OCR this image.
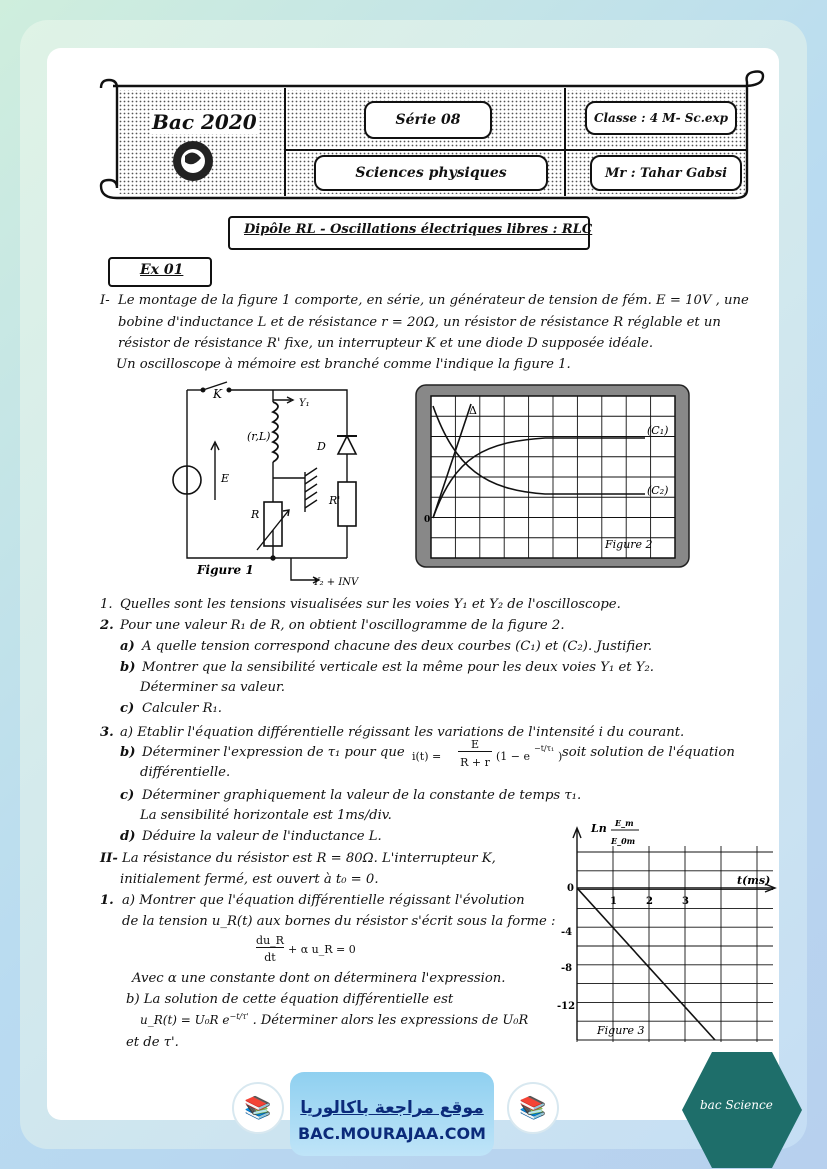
Bac 2020	Série 08	Classe : 4 M- Sc.exp
Sciences physiques	Mr : Tahar Gabsi
Dipôle RL - Oscillations électriques libres : RLC
Ex 01
I- Le montage de la figure 1 comporte, en série, un générateur de tension de fém. E = 10V , une
bobine d'inductance L et de résistance r = 20Ω, un résistor de résistance R réglable et un
résistor de résistance R' fixe, un interrupteur K et une diode D supposée idéale.
Un oscilloscope à mémoire est branché comme l'indique la figure 1.
K
Y₁
(r,L)
D
E
R
R'
Figure 1
Y₂ + INV
Δ
(C₁)
(C₂)
0
Figure 2
1. Quelles sont les tensions visualisées sur les voies Y₁ et Y₂ de l'oscilloscope.
2. Pour une valeur R₁ de R, on obtient l'oscillogramme de la figure 2.
a) A quelle tension correspond chacune des deux courbes (C₁) et (C₂). Justifier.
b) Montrer que la sensibilité verticale est la même pour les deux voies Y₁ et Y₂.
Déterminer sa valeur.
c) Calculer R₁.
3. a) Etablir l'équation différentielle régissant les variations de l'intensité i du courant.
b) Déterminer l'expression de τ₁ pour que i(t) =
E
R + r (1 − e
−t/τ₁
) soit solution de l'équation
différentielle.
c) Déterminer graphiquement la valeur de la constante de temps τ₁.
La sensibilité horizontale est 1ms/div.
d) Déduire la valeur de l'inductance L.
II- La résistance du résistor est R = 80Ω. L'interrupteur K,
initialement fermé, est ouvert à t₀ = 0.
1. a) Montrer que l'équation différentielle régissant l'évolution
de la tension u_R(t) aux bornes du résistor s'écrit sous la forme :
du_R
dt
+ α u_R = 0
Avec α une constante dont on déterminera l'expression.
b) La solution de cette équation différentielle est
u_R(t) = U₀R $e^{-t/\tau'}$ . Déterminer alors les expressions de U₀R
et de τ'.
Ln E_m
E_0m
t(ms)
0
1	2	3
-4
-8
-12
Figure 3
📚	📚
موقع مراجعة باكالوريا
BAC.MOURAJAA.COM
bac Science
